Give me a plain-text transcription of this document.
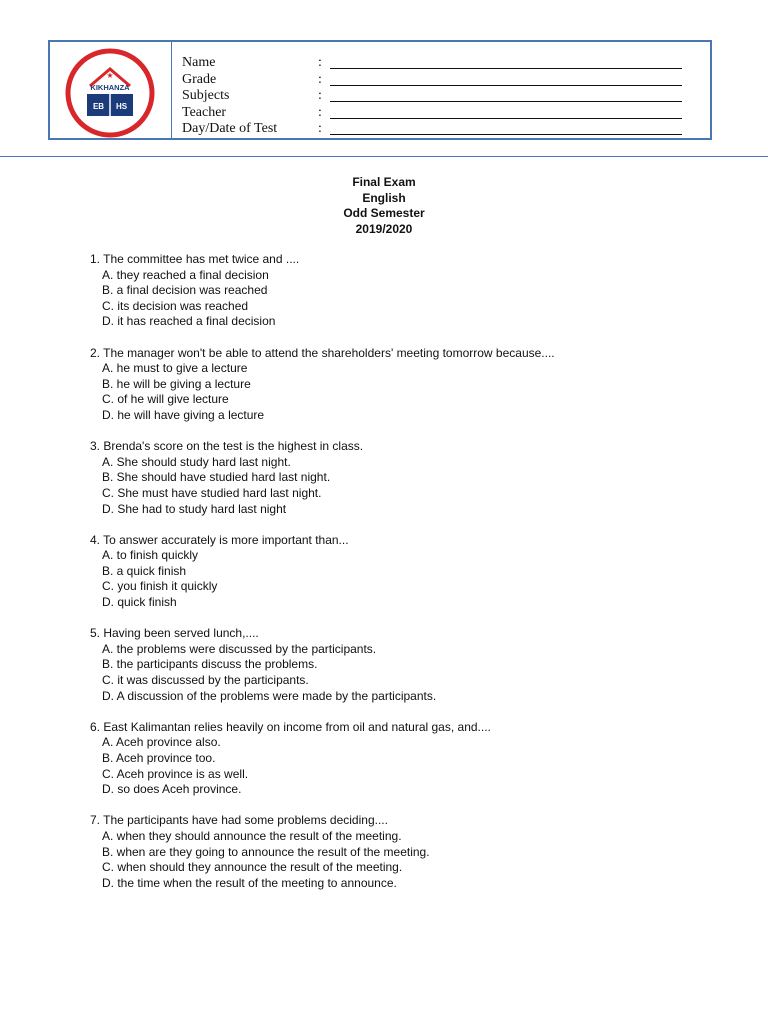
★
KIKHANZA
EB HS
Name	:
Grade	:
Subjects	:
Teacher	:
Day/Date of Test	:
Final Exam
English
Odd Semester
2019/2020
1. The committee has met twice and ....
A. they reached a final decision
B. a final decision was reached
C. its decision was reached
D. it has reached a final decision
2. The manager won't be able to attend the shareholders' meeting tomorrow because....
A. he must to give a lecture
B. he will be giving a lecture
C. of he will give lecture
D. he will have giving a lecture
3. Brenda's score on the test is the highest in class.
A. She should study hard last night.
B. She should have studied hard last night.
C. She must have studied hard last night.
D. She had to study hard last night
4. To answer accurately is more important than...
A. to finish quickly
B. a quick finish
C. you finish it quickly
D. quick finish
5. Having been served lunch,....
A. the problems were discussed by the participants.
B. the participants discuss the problems.
C. it was discussed by the participants.
D. A discussion of the problems were made by the participants.
6. East Kalimantan relies heavily on income from oil and natural gas, and....
A. Aceh province also.
B. Aceh province too.
C. Aceh province is as well.
D. so does Aceh province.
7. The participants have had some problems deciding....
A. when they should announce the result of the meeting.
B. when are they going to announce the result of the meeting.
C. when should they announce the result of the meeting.
D. the time when the result of the meeting to announce.
